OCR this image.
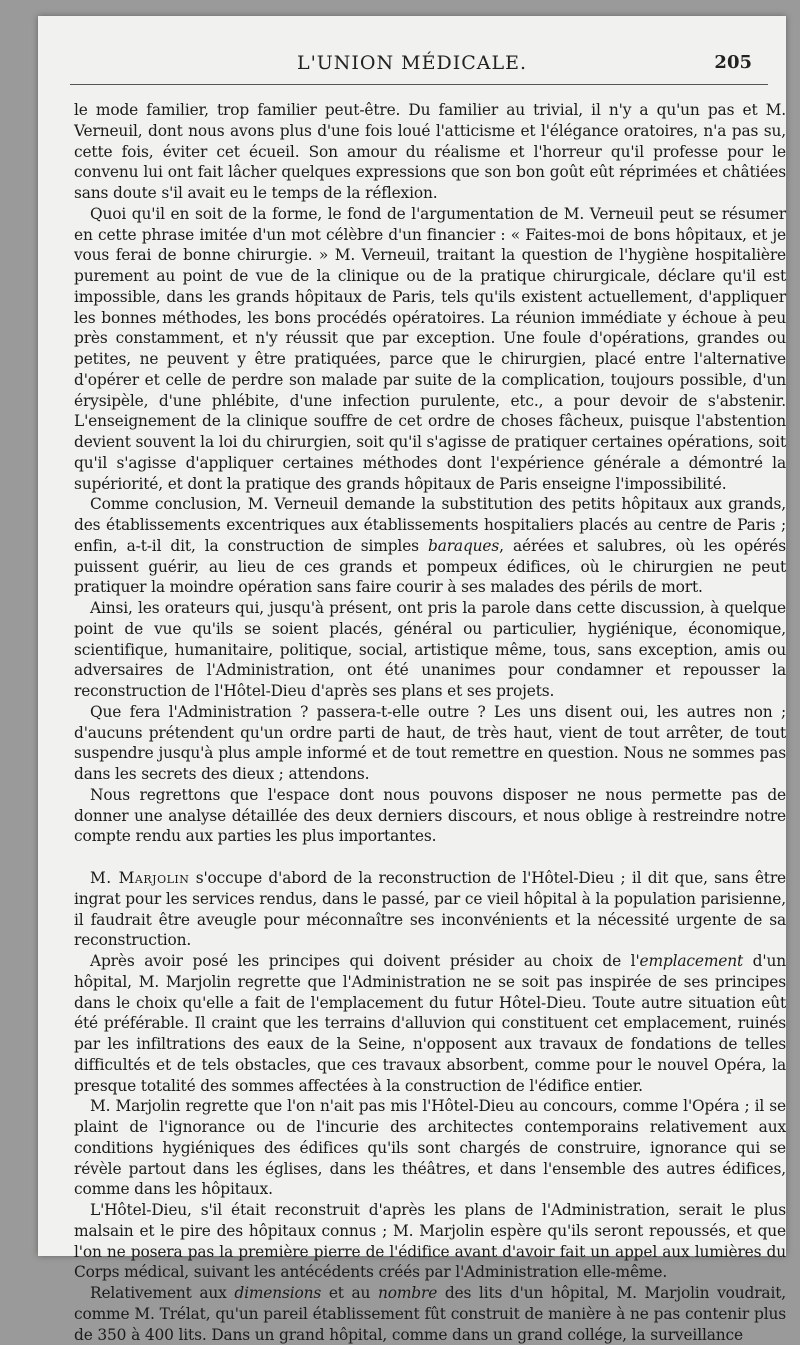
L'UNION MÉDICALE.	205

le mode familier, trop familier peut-être. Du familier au trivial, il n'y a qu'un pas et M. Verneuil, dont nous avons plus d'une fois loué l'atticisme et l'élégance oratoires, n'a pas su, cette fois, éviter cet écueil. Son amour du réalisme et l'horreur qu'il professe pour le convenu lui ont fait lâcher quelques expressions que son bon goût eût réprimées et châtiées sans doute s'il avait eu le temps de la réflexion.

Quoi qu'il en soit de la forme, le fond de l'argumentation de M. Verneuil peut se résumer en cette phrase imitée d'un mot célèbre d'un financier : « Faites-moi de bons hôpitaux, et je vous ferai de bonne chirurgie. » M. Verneuil, traitant la question de l'hygiène hospitalière purement au point de vue de la clinique ou de la pratique chirurgicale, déclare qu'il est impossible, dans les grands hôpitaux de Paris, tels qu'ils existent actuellement, d'appliquer les bonnes méthodes, les bons procédés opératoires. La réunion immédiate y échoue à peu près constamment, et n'y réussit que par exception. Une foule d'opérations, grandes ou petites, ne peuvent y être pratiquées, parce que le chirurgien, placé entre l'alternative d'opérer et celle de perdre son malade par suite de la complication, toujours possible, d'un érysipèle, d'une phlébite, d'une infection purulente, etc., a pour devoir de s'abstenir. L'enseignement de la clinique souffre de cet ordre de choses fâcheux, puisque l'abstention devient souvent la loi du chirurgien, soit qu'il s'agisse de pratiquer certaines opérations, soit qu'il s'agisse d'appliquer certaines méthodes dont l'expérience générale a démontré la supériorité, et dont la pratique des grands hôpitaux de Paris enseigne l'impossibilité.

Comme conclusion, M. Verneuil demande la substitution des petits hôpitaux aux grands, des établissements excentriques aux établissements hospitaliers placés au centre de Paris ; enfin, a-t-il dit, la construction de simples baraques, aérées et salubres, où les opérés puissent guérir, au lieu de ces grands et pompeux édifices, où le chirurgien ne peut pratiquer la moindre opération sans faire courir à ses malades des périls de mort.

Ainsi, les orateurs qui, jusqu'à présent, ont pris la parole dans cette discussion, à quelque point de vue qu'ils se soient placés, général ou particulier, hygiénique, économique, scientifique, humanitaire, politique, social, artistique même, tous, sans exception, amis ou adversaires de l'Administration, ont été unanimes pour condamner et repousser la reconstruction de l'Hôtel-Dieu d'après ses plans et ses projets.

Que fera l'Administration ? passera-t-elle outre ? Les uns disent oui, les autres non ; d'aucuns prétendent qu'un ordre parti de haut, de très haut, vient de tout arrêter, de tout suspendre jusqu'à plus ample informé et de tout remettre en question. Nous ne sommes pas dans les secrets des dieux ; attendons.

Nous regrettons que l'espace dont nous pouvons disposer ne nous permette pas de donner une analyse détaillée des deux derniers discours, et nous oblige à restreindre notre compte rendu aux parties les plus importantes.

M. Marjolin s'occupe d'abord de la reconstruction de l'Hôtel-Dieu ; il dit que, sans être ingrat pour les services rendus, dans le passé, par ce vieil hôpital à la population parisienne, il faudrait être aveugle pour méconnaître ses inconvénients et la nécessité urgente de sa reconstruction.

Après avoir posé les principes qui doivent présider au choix de l'emplacement d'un hôpital, M. Marjolin regrette que l'Administration ne se soit pas inspirée de ses principes dans le choix qu'elle a fait de l'emplacement du futur Hôtel-Dieu. Toute autre situation eût été préférable. Il craint que les terrains d'alluvion qui constituent cet emplacement, ruinés par les infiltrations des eaux de la Seine, n'opposent aux travaux de fondations de telles difficultés et de tels obstacles, que ces travaux absorbent, comme pour le nouvel Opéra, la presque totalité des sommes affectées à la construction de l'édifice entier.

M. Marjolin regrette que l'on n'ait pas mis l'Hôtel-Dieu au concours, comme l'Opéra ; il se plaint de l'ignorance ou de l'incurie des architectes contemporains relativement aux conditions hygiéniques des édifices qu'ils sont chargés de construire, ignorance qui se révèle partout dans les églises, dans les théâtres, et dans l'ensemble des autres édifices, comme dans les hôpitaux.

L'Hôtel-Dieu, s'il était reconstruit d'après les plans de l'Administration, serait le plus malsain et le pire des hôpitaux connus ; M. Marjolin espère qu'ils seront repoussés, et que l'on ne posera pas la première pierre de l'édifice avant d'avoir fait un appel aux lumières du Corps médical, suivant les antécédents créés par l'Administration elle-même.

Relativement aux dimensions et au nombre des lits d'un hôpital, M. Marjolin voudrait, comme M. Trélat, qu'un pareil établissement fût construit de manière à ne pas contenir plus de 350 à 400 lits. Dans un grand hôpital, comme dans un grand collége, la surveillance
